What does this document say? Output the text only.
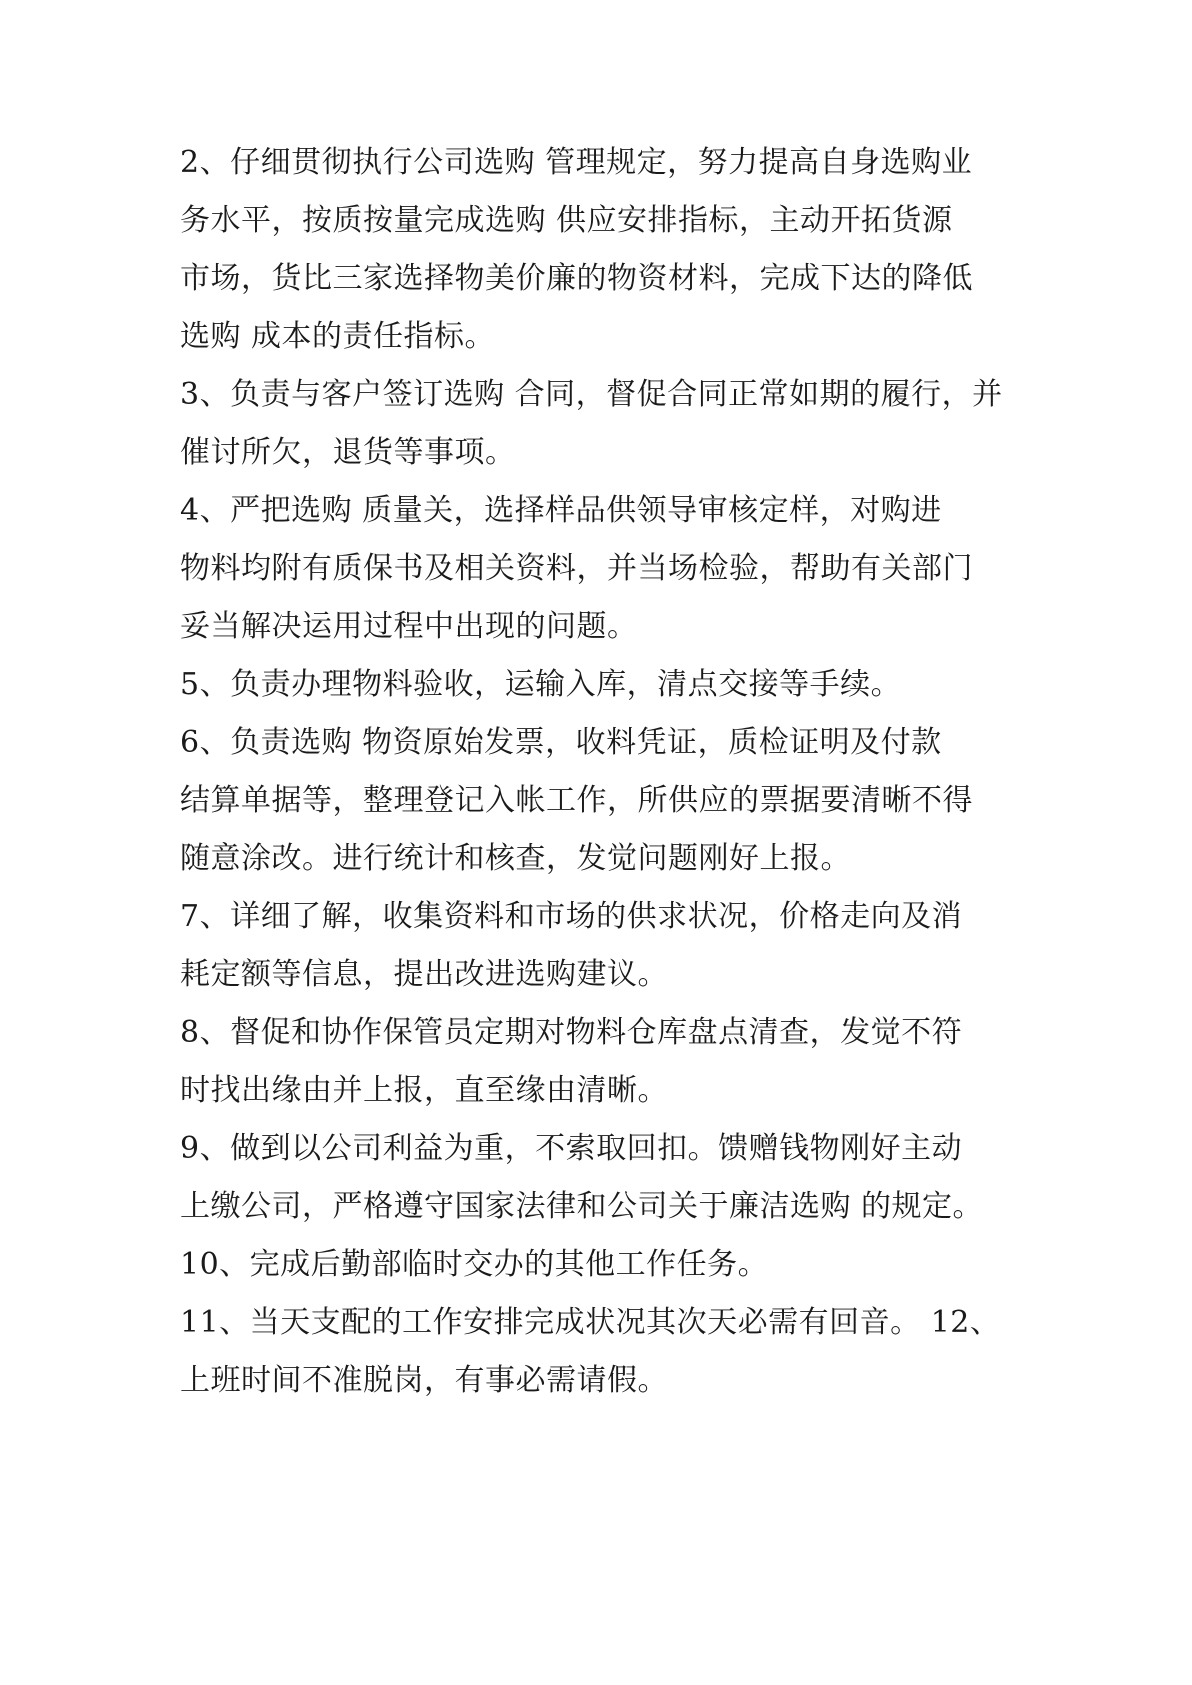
2、仔细贯彻执行公司选购 管理规定，努力提高自身选购业
务水平，按质按量完成选购 供应安排指标，主动开拓货源
市场，货比三家选择物美价廉的物资材料，完成下达的降低
选购 成本的责任指标。
3、负责与客户签订选购 合同，督促合同正常如期的履行，并
催讨所欠，退货等事项。
4、严把选购 质量关，选择样品供领导审核定样，对购进
物料均附有质保书及相关资料，并当场检验，帮助有关部门
妥当解决运用过程中出现的问题。
5、负责办理物料验收，运输入库，清点交接等手续。
6、负责选购 物资原始发票，收料凭证，质检证明及付款
结算单据等，整理登记入帐工作，所供应的票据要清晰不得
随意涂改。进行统计和核查，发觉问题刚好上报。
7、详细了解，收集资料和市场的供求状况，价格走向及消
耗定额等信息，提出改进选购建议。
8、督促和协作保管员定期对物料仓库盘点清查，发觉不符
时找出缘由并上报，直至缘由清晰。
9、做到以公司利益为重，不索取回扣。馈赠钱物刚好主动
上缴公司，严格遵守国家法律和公司关于廉洁选购 的规定。
10、完成后勤部临时交办的其他工作任务。
11、当天支配的工作安排完成状况其次天必需有回音。 12、
上班时间不准脱岗，有事必需请假。
